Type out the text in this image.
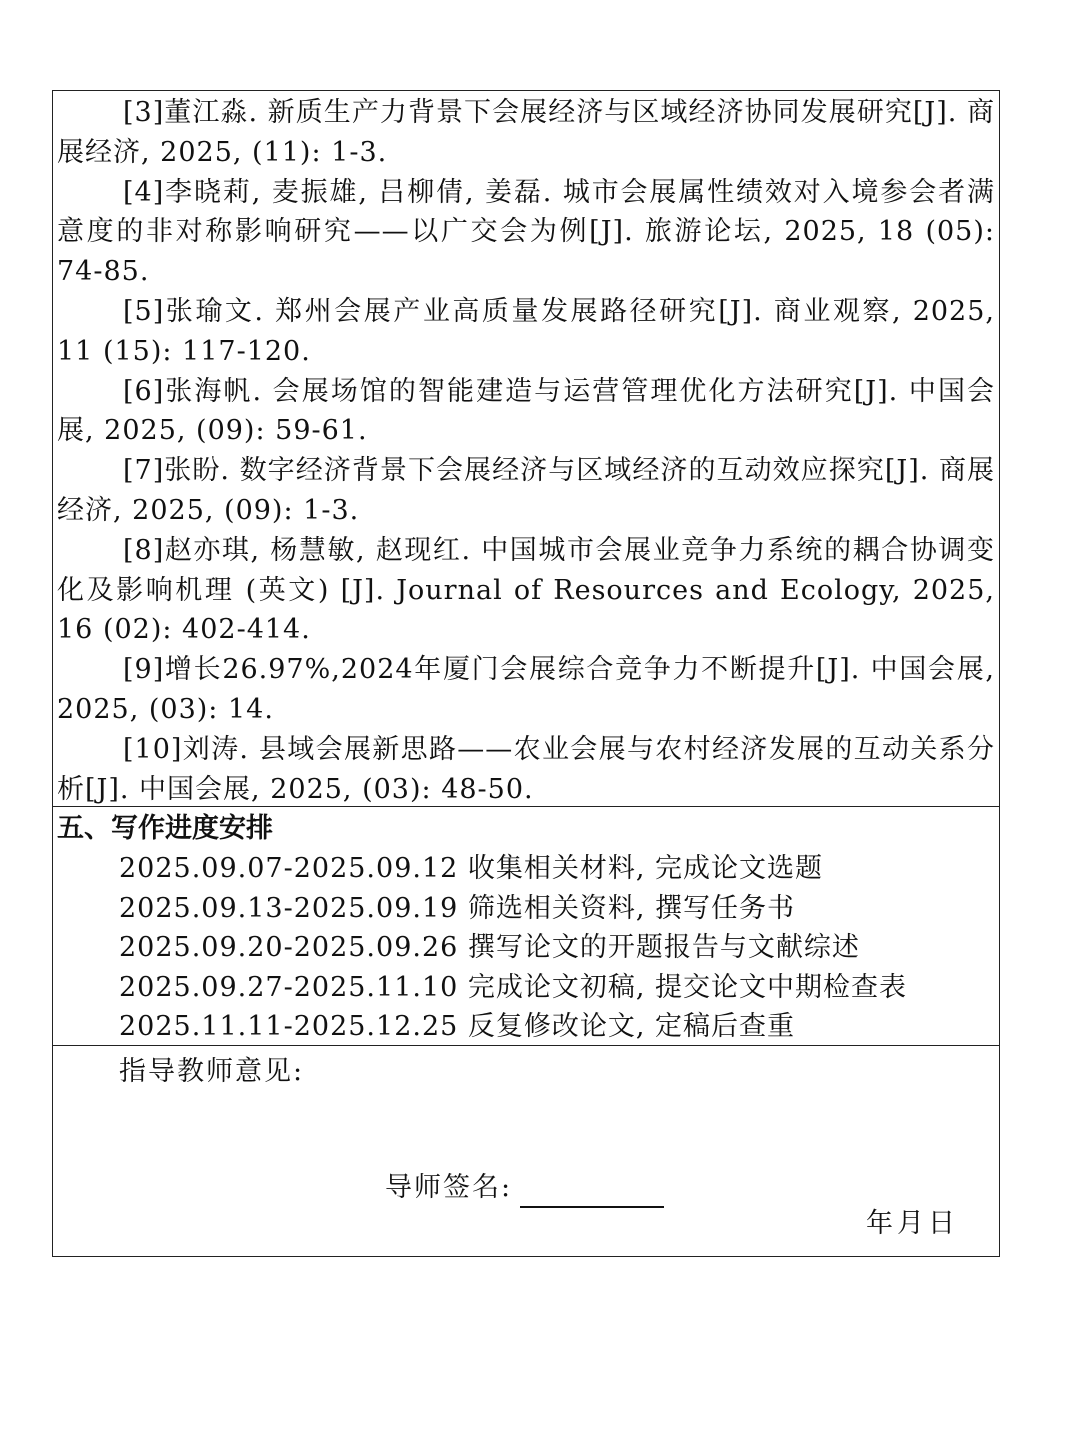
[3]董江淼. 新质生产力背景下会展经济与区域经济协同发展研究[J]. 商展经济, 2025, (11): 1-3.

[4]李晓莉, 麦振雄, 吕柳倩, 姜磊. 城市会展属性绩效对入境参会者满意度的非对称影响研究——以广交会为例[J]. 旅游论坛, 2025, 18 (05): 74-85.

[5]张瑜文. 郑州会展产业高质量发展路径研究[J]. 商业观察, 2025, 11 (15): 117-120.

[6]张海帆. 会展场馆的智能建造与运营管理优化方法研究[J]. 中国会展, 2025, (09): 59-61.

[7]张盼. 数字经济背景下会展经济与区域经济的互动效应探究[J]. 商展经济, 2025, (09): 1-3.

[8]赵亦琪, 杨慧敏, 赵现红. 中国城市会展业竞争力系统的耦合协调变化及影响机理 (英文) [J]. Journal of Resources and Ecology, 2025, 16 (02): 402-414.

[9]增长26.97%,2024年厦门会展综合竞争力不断提升[J]. 中国会展, 2025, (03): 14.

[10]刘涛. 县域会展新思路——农业会展与农村经济发展的互动关系分析[J]. 中国会展, 2025, (03): 48-50.

五、写作进度安排

2025.09.07-2025.09.12 收集相关材料, 完成论文选题

2025.09.13-2025.09.19 筛选相关资料, 撰写任务书

2025.09.20-2025.09.26 撰写论文的开题报告与文献综述

2025.09.27-2025.11.10 完成论文初稿, 提交论文中期检查表

2025.11.11-2025.12.25 反复修改论文, 定稿后查重

指导教师意见:
导师签名:
年月日
